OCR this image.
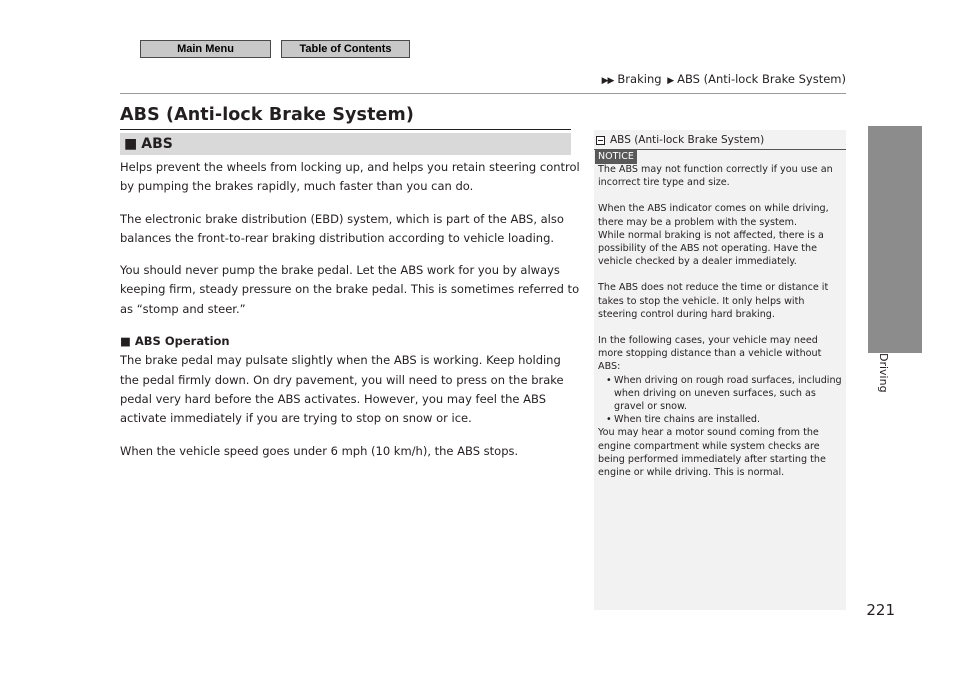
Main Menu	Table of Contents
▶▶ Braking ▶ ABS (Anti-lock Brake System)
ABS (Anti-lock Brake System)
■ ABS

Helps prevent the wheels from locking up, and helps you retain steering control by pumping the brakes rapidly, much faster than you can do.

The electronic brake distribution (EBD) system, which is part of the ABS, also balances the front-to-rear braking distribution according to vehicle loading.

You should never pump the brake pedal. Let the ABS work for you by always keeping firm, steady pressure on the brake pedal. This is sometimes referred to as “stomp and steer.”

■ ABS Operation

The brake pedal may pulsate slightly when the ABS is working. Keep holding the pedal firmly down. On dry pavement, you will need to press on the brake pedal very hard before the ABS activates. However, you may feel the ABS activate immediately if you are trying to stop on snow or ice.

When the vehicle speed goes under 6 mph (10 km/h), the ABS stops.

ABS (Anti-lock Brake System)
NOTICE

The ABS may not function correctly if you use an incorrect tire type and size.

When the ABS indicator comes on while driving, there may be a problem with the system.

While normal braking is not affected, there is a possibility of the ABS not operating. Have the vehicle checked by a dealer immediately.

The ABS does not reduce the time or distance it takes to stop the vehicle. It only helps with steering control during hard braking.

In the following cases, your vehicle may need more stopping distance than a vehicle without ABS:

• When driving on rough road surfaces, including when driving on uneven surfaces, such as gravel or snow.

• When tire chains are installed.

You may hear a motor sound coming from the engine compartment while system checks are being performed immediately after starting the engine or while driving. This is normal.

Driving
221
